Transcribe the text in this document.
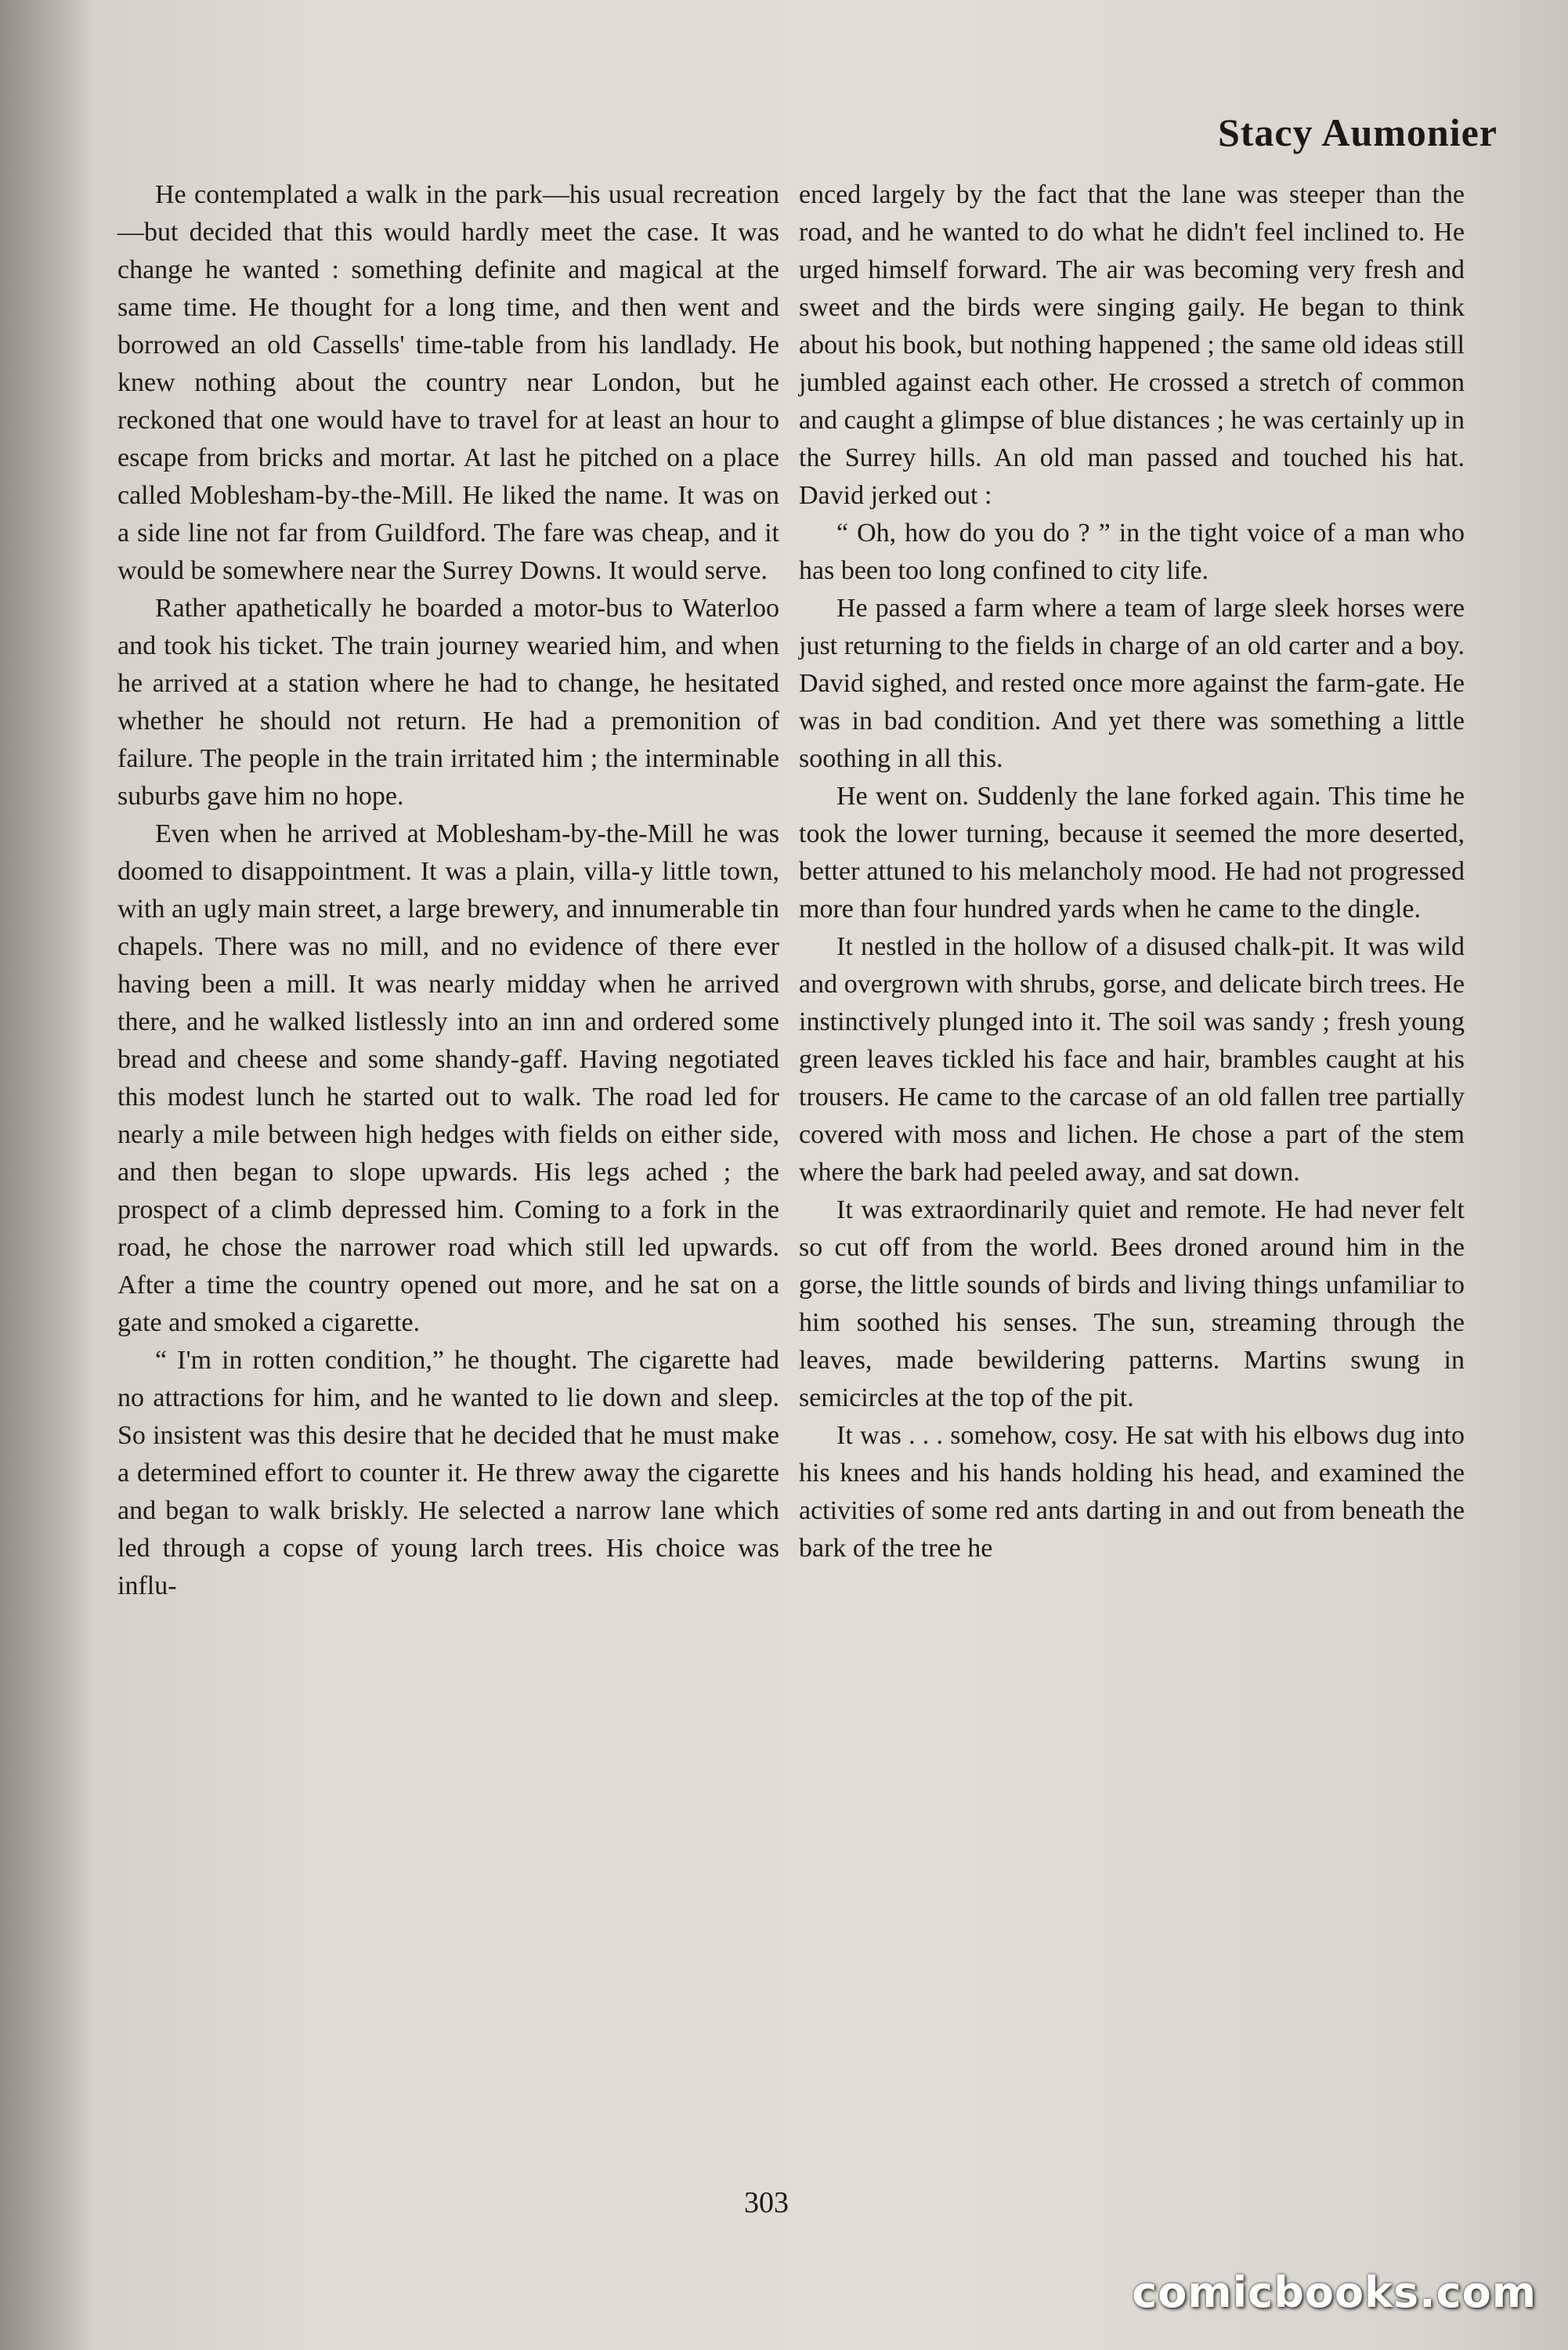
Stacy Aumonier

He contemplated a walk in the park—his usual recreation—but decided that this would hardly meet the case. It was change he wanted : something definite and magical at the same time. He thought for a long time, and then went and borrowed an old Cassells' time-table from his landlady. He knew nothing about the country near London, but he reckoned that one would have to travel for at least an hour to escape from bricks and mortar. At last he pitched on a place called Moblesham-by-the-Mill. He liked the name. It was on a side line not far from Guildford. The fare was cheap, and it would be somewhere near the Surrey Downs. It would serve.

Rather apathetically he boarded a motor-bus to Waterloo and took his ticket. The train journey wearied him, and when he arrived at a station where he had to change, he hesitated whether he should not return. He had a premonition of failure. The people in the train irritated him ; the interminable suburbs gave him no hope.

Even when he arrived at Moblesham-by-the-Mill he was doomed to disappointment. It was a plain, villa-y little town, with an ugly main street, a large brewery, and innumerable tin chapels. There was no mill, and no evidence of there ever having been a mill. It was nearly midday when he arrived there, and he walked listlessly into an inn and ordered some bread and cheese and some shandy-gaff. Having negotiated this modest lunch he started out to walk. The road led for nearly a mile between high hedges with fields on either side, and then began to slope upwards. His legs ached ; the prospect of a climb depressed him. Coming to a fork in the road, he chose the narrower road which still led upwards. After a time the country opened out more, and he sat on a gate and smoked a cigarette.

“ I'm in rotten condition,” he thought. The cigarette had no attractions for him, and he wanted to lie down and sleep. So insistent was this desire that he decided that he must make a determined effort to counter it. He threw away the cigarette and began to walk briskly. He selected a narrow lane which led through a copse of young larch trees. His choice was influ-

enced largely by the fact that the lane was steeper than the road, and he wanted to do what he didn't feel inclined to. He urged himself forward. The air was becoming very fresh and sweet and the birds were singing gaily. He began to think about his book, but nothing happened ; the same old ideas still jumbled against each other. He crossed a stretch of common and caught a glimpse of blue distances ; he was certainly up in the Surrey hills. An old man passed and touched his hat. David jerked out :

“ Oh, how do you do ? ” in the tight voice of a man who has been too long confined to city life.

He passed a farm where a team of large sleek horses were just returning to the fields in charge of an old carter and a boy. David sighed, and rested once more against the farm-gate. He was in bad condition. And yet there was something a little soothing in all this.

He went on. Suddenly the lane forked again. This time he took the lower turning, because it seemed the more deserted, better attuned to his melancholy mood. He had not progressed more than four hundred yards when he came to the dingle.

It nestled in the hollow of a disused chalk-pit. It was wild and overgrown with shrubs, gorse, and delicate birch trees. He instinctively plunged into it. The soil was sandy ; fresh young green leaves tickled his face and hair, brambles caught at his trousers. He came to the carcase of an old fallen tree partially covered with moss and lichen. He chose a part of the stem where the bark had peeled away, and sat down.

It was extraordinarily quiet and remote. He had never felt so cut off from the world. Bees droned around him in the gorse, the little sounds of birds and living things unfamiliar to him soothed his senses. The sun, streaming through the leaves, made bewildering patterns. Martins swung in semicircles at the top of the pit.

It was . . . somehow, cosy. He sat with his elbows dug into his knees and his hands holding his head, and examined the activities of some red ants darting in and out from beneath the bark of the tree he

303
comicbooks.com
